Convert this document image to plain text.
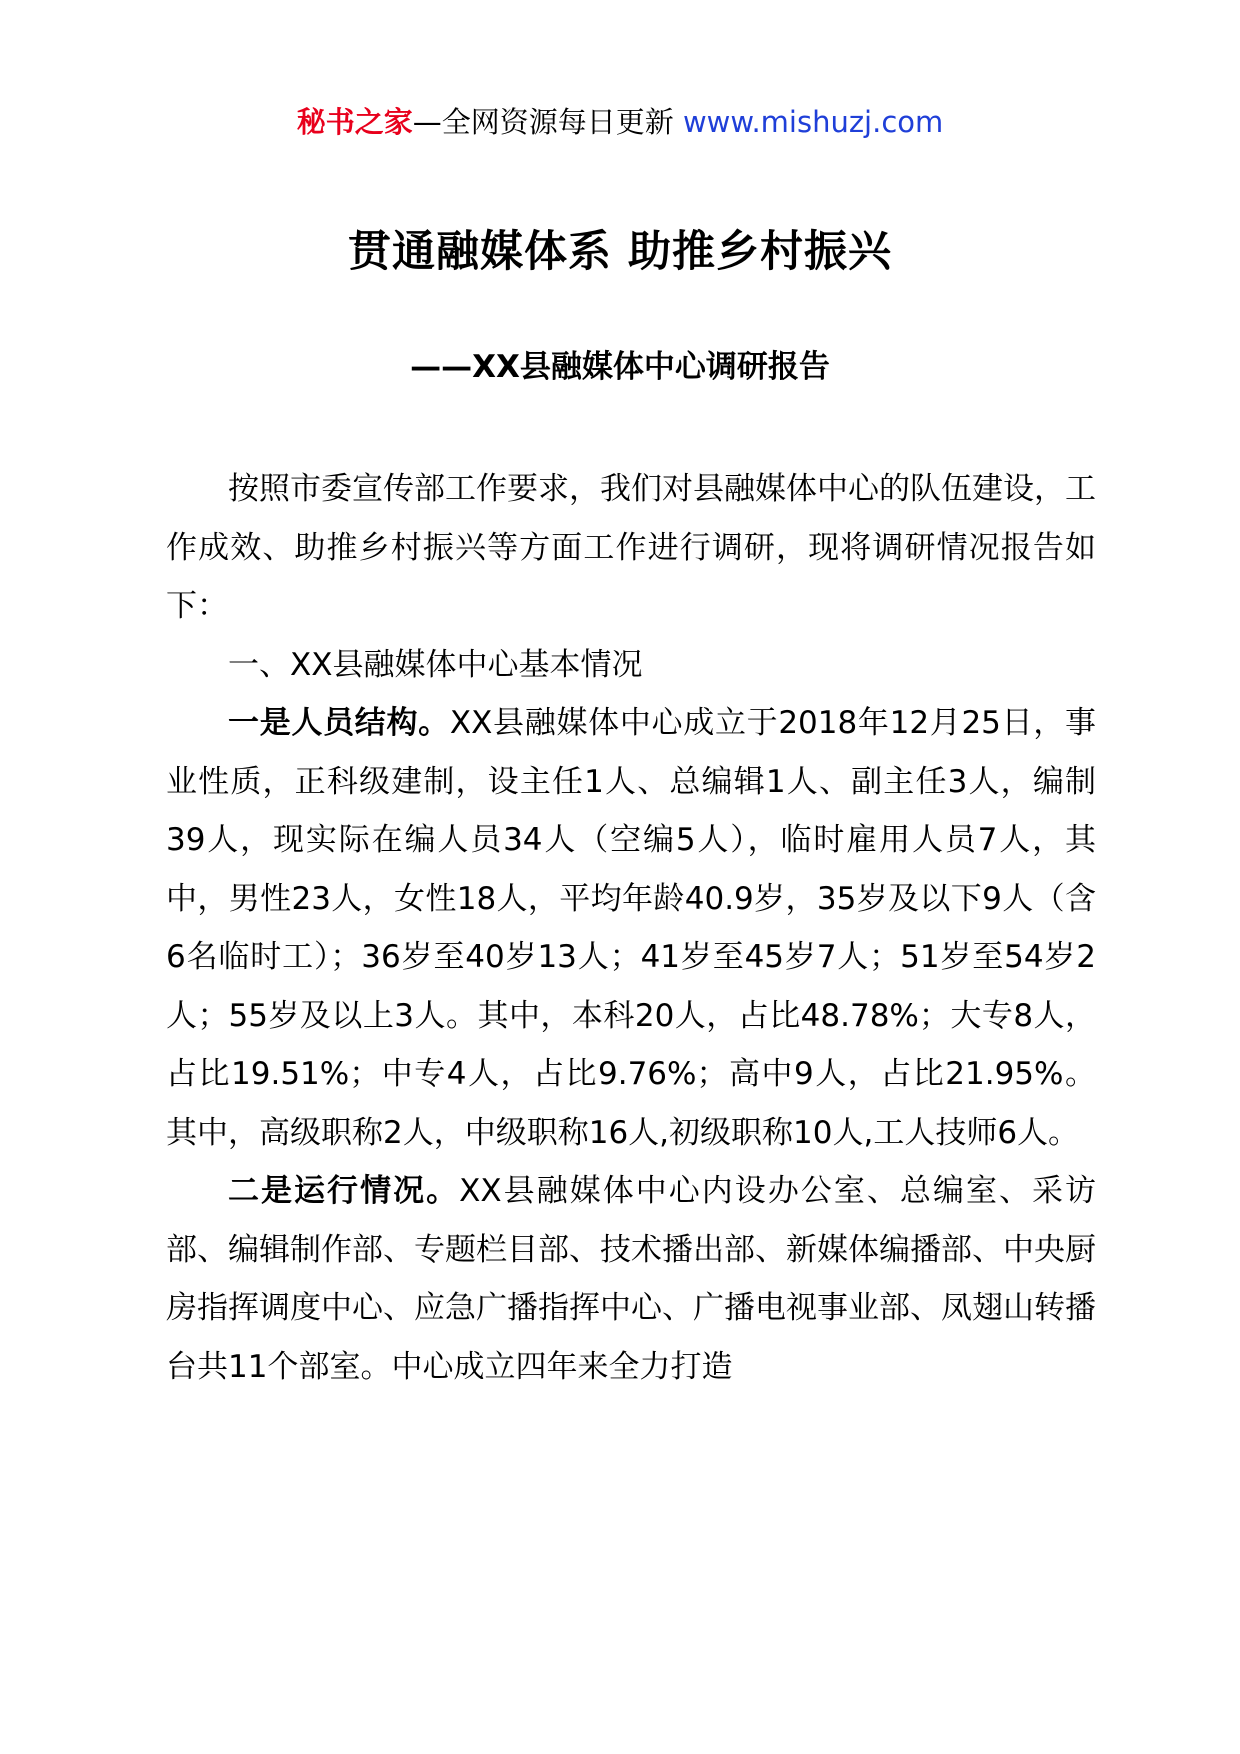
秘书之家—全网资源每日更新 www.mishuzj.com
贯通融媒体系 助推乡村振兴
——XX县融媒体中心调研报告

按照市委宣传部工作要求，我们对县融媒体中心的队伍建设，工作成效、助推乡村振兴等方面工作进行调研，现将调研情况报告如下：

一、XX县融媒体中心基本情况

一是人员结构。XX县融媒体中心成立于2018年12月25日，事业性质，正科级建制，设主任1人、总编辑1人、副主任3人，编制39人，现实际在编人员34人（空编5人），临时雇用人员7人，其中，男性23人，女性18人，平均年龄40.9岁，35岁及以下9人（含6名临时工）；36岁至40岁13人；41岁至45岁7人；51岁至54岁2人；55岁及以上3人。其中，本科20人，占比48.78%；大专8人，占比19.51%；中专4人，占比9.76%；高中9人，占比21.95%。其中，高级职称2人，中级职称16人,初级职称10人,工人技师6人。

二是运行情况。XX县融媒体中心内设办公室、总编室、采访部、编辑制作部、专题栏目部、技术播出部、新媒体编播部、中央厨房指挥调度中心、应急广播指挥中心、广播电视事业部、凤翅山转播台共11个部室。中心成立四年来全力打造
